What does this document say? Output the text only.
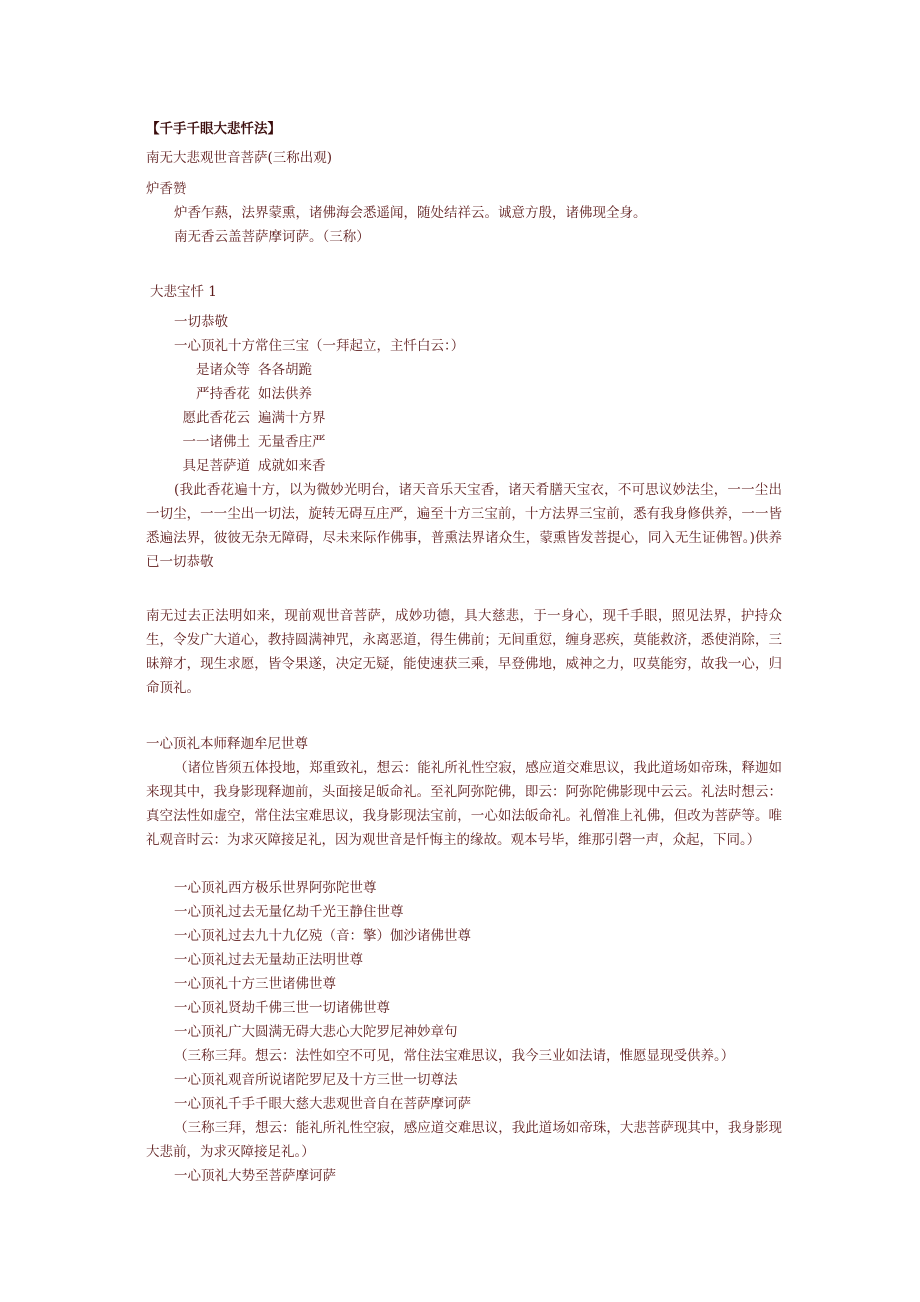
【千手千眼大悲忏法】
南无大悲观世音菩萨(三称出观)
炉香赞
炉香乍爇，法界蒙熏，诸佛海会悉遥闻，随处结祥云。诚意方殷，诸佛现全身。
南无香云盖菩萨摩诃萨。（三称）
大悲宝忏 1
一切恭敬
一心顶礼十方常住三宝（一拜起立，主忏白云：）
是诸众等 各各胡跪
严持香花 如法供养
愿此香花云 遍满十方界
一一诸佛土 无量香庄严
具足菩萨道 成就如来香
(我此香花遍十方，以为微妙光明台，诸天音乐天宝香，诸天肴膳天宝衣，不可思议妙法尘，一一尘出一切尘，一一尘出一切法，旋转无碍互庄严，遍至十方三宝前，十方法界三宝前，悉有我身修供养，一一皆悉遍法界，彼彼无杂无障碍，尽未来际作佛事，普熏法界诸众生，蒙熏皆发菩提心，同入无生证佛智。)供养已一切恭敬
南无过去正法明如来，现前观世音菩萨，成妙功德，具大慈悲，于一身心，现千手眼，照见法界，护持众生，令发广大道心，教持圆满神咒，永离恶道，得生佛前；无间重愆，缠身恶疾，莫能救济，悉使消除，三昧辩才，现生求愿，皆令果遂，决定无疑，能使速获三乘，早登佛地，威神之力，叹莫能穷，故我一心，归命顶礼。
一心顶礼本师释迦牟尼世尊
（诸位皆须五体投地，郑重致礼，想云：能礼所礼性空寂，感应道交难思议，我此道场如帝珠，释迦如来现其中，我身影现释迦前，头面接足皈命礼。至礼阿弥陀佛，即云：阿弥陀佛影现中云云。礼法时想云：真空法性如虚空，常住法宝难思议，我身影现法宝前，一心如法皈命礼。礼僧准上礼佛，但改为菩萨等。唯礼观音时云：为求灭障接足礼，因为观世音是忏悔主的缘故。观本号毕，维那引磬一声，众起，下同。）
一心顶礼西方极乐世界阿弥陀世尊
一心顶礼过去无量亿劫千光王静住世尊
一心顶礼过去九十九亿殑（音：擎）伽沙诸佛世尊
一心顶礼过去无量劫正法明世尊
一心顶礼十方三世诸佛世尊
一心顶礼贤劫千佛三世一切诸佛世尊
一心顶礼广大圆满无碍大悲心大陀罗尼神妙章句
（三称三拜。想云：法性如空不可见，常住法宝难思议，我今三业如法请，惟愿显现受供养。）
一心顶礼观音所说诸陀罗尼及十方三世一切尊法
一心顶礼千手千眼大慈大悲观世音自在菩萨摩诃萨
（三称三拜，想云：能礼所礼性空寂，感应道交难思议，我此道场如帝珠，大悲菩萨现其中，我身影现大悲前，为求灭障接足礼。）
一心顶礼大势至菩萨摩诃萨
